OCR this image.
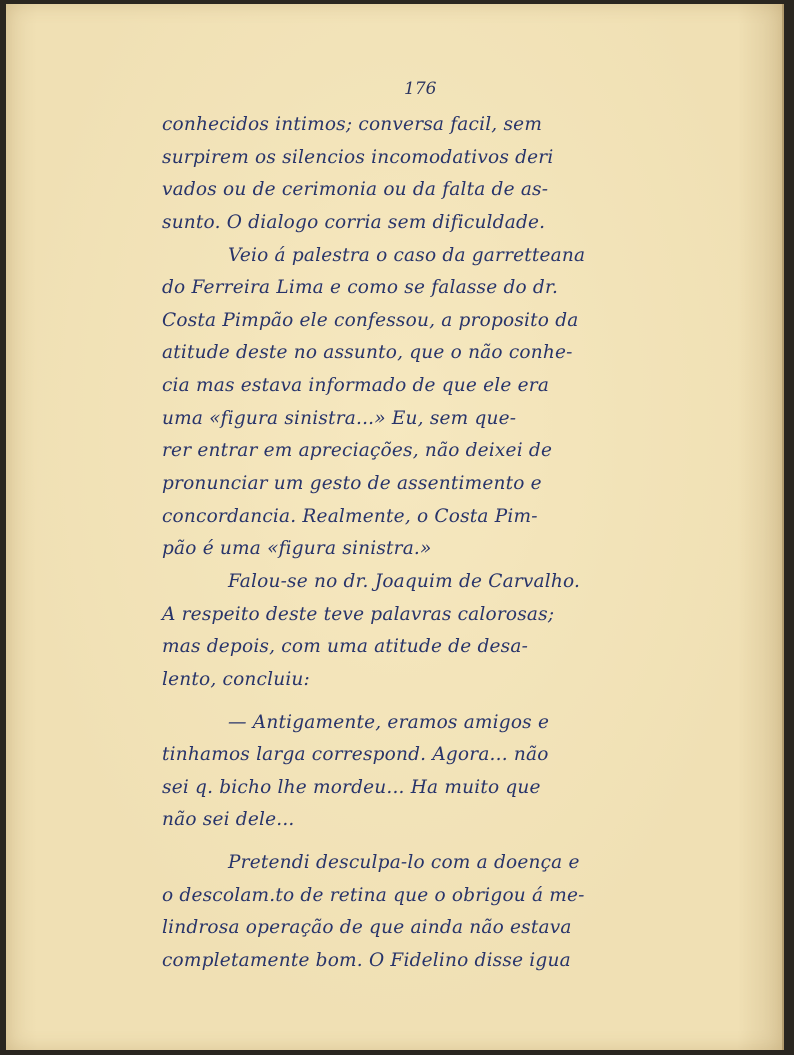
176
conhecidos intimos; conversa facil, sem
surpirem os silencios incomodativos deri
vados ou de cerimonia ou da falta de as-
sunto. O dialogo corria sem dificuldade.
Veio á palestra o caso da garretteana
do Ferreira Lima e como se falasse do dr.
Costa Pimpão ele confessou, a proposito da
atitude deste no assunto, que o não conhe-
cia mas estava informado de que ele era
uma «figura sinistra...» Eu, sem que-
rer entrar em apreciações, não deixei de
pronunciar um gesto de assentimento e
concordancia. Realmente, o Costa Pim-
pão é uma «figura sinistra.»
Falou-se no dr. Joaquim de Carvalho.
A respeito deste teve palavras calorosas;
mas depois, com uma atitude de desa-
lento, concluiu:
— Antigamente, eramos amigos e
tinhamos larga correspond. Agora... não
sei q. bicho lhe mordeu... Ha muito que
não sei dele...
Pretendi desculpa-lo com a doença e
o descolam.to de retina que o obrigou á me-
lindrosa operação de que ainda não estava
completamente bom. O Fidelino disse igua
